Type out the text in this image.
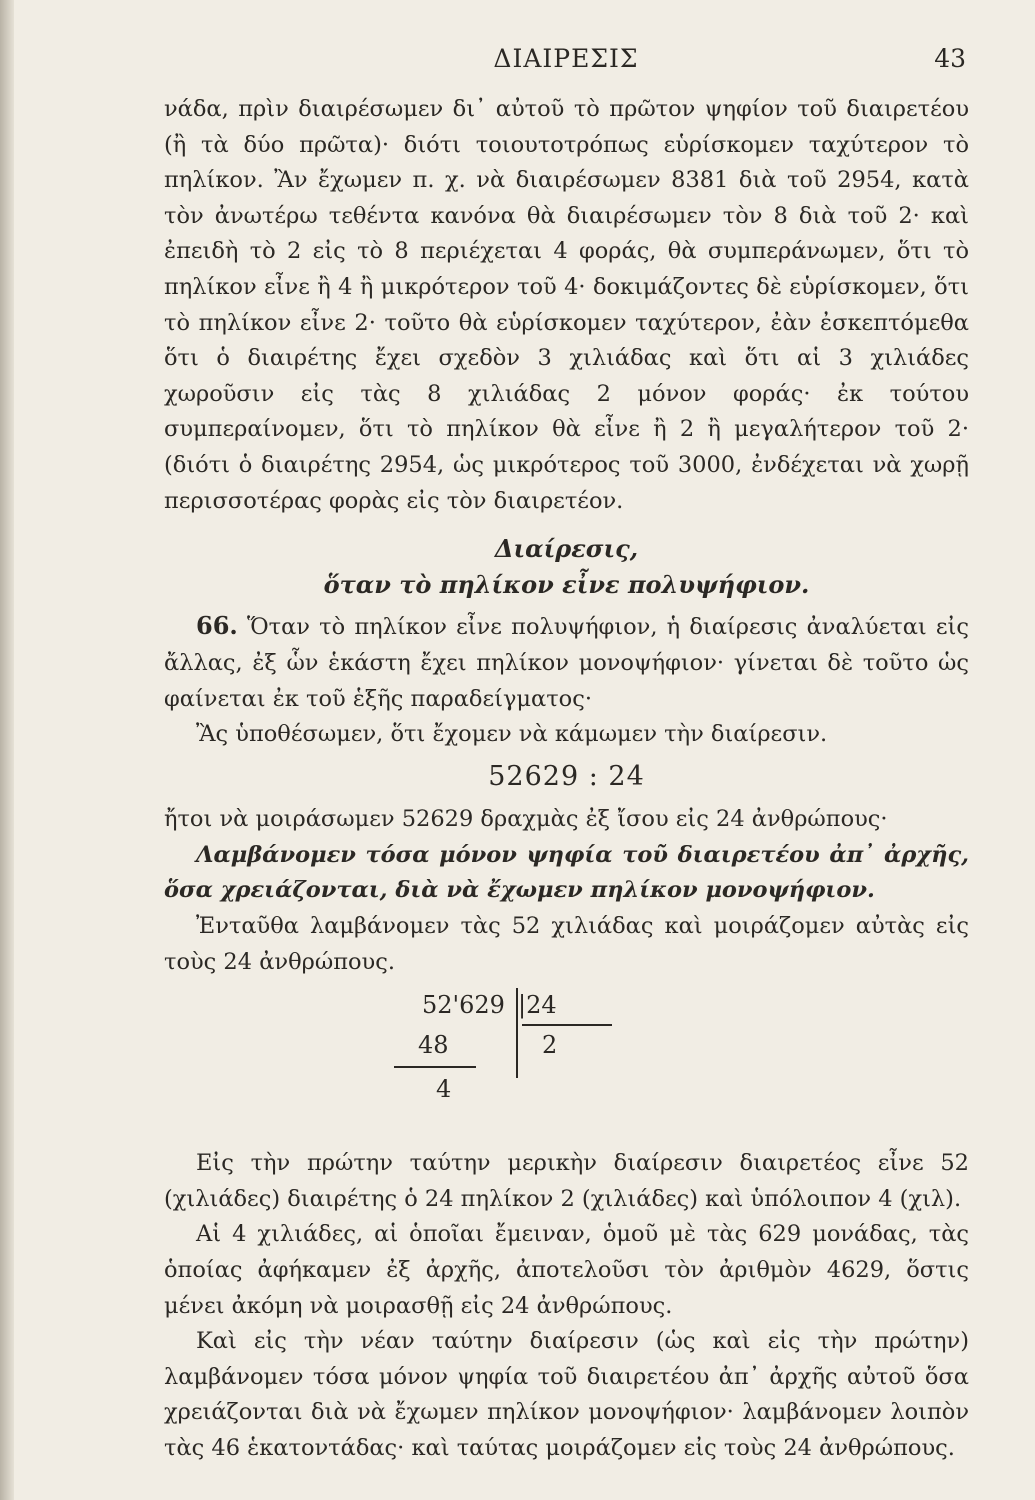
ΔΙΑΙΡΕΣΙΣ	43

νάδα, πρὶν διαιρέσωμεν δι᾽ αὐτοῦ τὸ πρῶτον ψηφίον τοῦ διαιρετέου (ἢ τὰ δύο πρῶτα)· διότι τοιουτοτρόπως εὑρίσκομεν ταχύτερον τὸ πηλίκον. Ἂν ἔχωμεν π. χ. νὰ διαιρέσωμεν 8381 διὰ τοῦ 2954, κατὰ τὸν ἀνωτέρω τεθέντα κανόνα θὰ διαιρέσωμεν τὸν 8 διὰ τοῦ 2· καὶ ἐπειδὴ τὸ 2 εἰς τὸ 8 περιέχεται 4 φοράς, θὰ συμπεράνωμεν, ὅτι τὸ πηλίκον εἶνε ἢ 4 ἢ μικρότερον τοῦ 4· δοκιμάζοντες δὲ εὑρίσκομεν, ὅτι τὸ πηλίκον εἶνε 2· τοῦτο θὰ εὑρίσκομεν ταχύτερον, ἐὰν ἐσκεπτόμεθα ὅτι ὁ διαιρέτης ἔχει σχεδὸν 3 χιλιάδας καὶ ὅτι αἱ 3 χιλιάδες χωροῦσιν εἰς τὰς 8 χιλιάδας 2 μόνον φοράς· ἐκ τούτου συμπεραίνομεν, ὅτι τὸ πηλίκον θὰ εἶνε ἢ 2 ἢ μεγαλήτερον τοῦ 2· (διότι ὁ διαιρέτης 2954, ὡς μικρότερος τοῦ 3000, ἐνδέχεται νὰ χωρῇ περισσοτέρας φορὰς εἰς τὸν διαιρετέον.

Διαίρεσις,

ὅταν τὸ πηλίκον εἶνε πολυψήφιον.

66. Ὅταν τὸ πηλίκον εἶνε πολυψήφιον, ἡ διαίρεσις ἀναλύεται εἰς ἄλλας, ἐξ ὧν ἑκάστη ἔχει πηλίκον μονοψήφιον· γίνεται δὲ τοῦτο ὡς φαίνεται ἐκ τοῦ ἑξῆς παραδείγματος·

Ἂς ὑποθέσωμεν, ὅτι ἔχομεν νὰ κάμωμεν τὴν διαίρεσιν.

52629 : 24

ἤτοι νὰ μοιράσωμεν 52629 δραχμὰς ἐξ ἴσου εἰς 24 ἀνθρώπους·

Λαμβάνομεν τόσα μόνον ψηφία τοῦ διαιρετέου ἀπ᾽ ἀρχῆς, ὅσα χρειάζονται, διὰ νὰ ἔχωμεν πηλίκον μονοψήφιον.

Ἐνταῦθα λαμβάνομεν τὰς 52 χιλιάδας καὶ μοιράζομεν αὐτὰς εἰς τοὺς 24 ἀνθρώπους.

52'629 |24
2
48
4

Εἰς τὴν πρώτην ταύτην μερικὴν διαίρεσιν διαιρετέος εἶνε 52 (χιλιάδες) διαιρέτης ὁ 24 πηλίκον 2 (χιλιάδες) καὶ ὑπόλοιπον 4 (χιλ).

Αἱ 4 χιλιάδες, αἱ ὁποῖαι ἔμειναν, ὁμοῦ μὲ τὰς 629 μονάδας, τὰς ὁποίας ἀφήκαμεν ἐξ ἀρχῆς, ἀποτελοῦσι τὸν ἀριθμὸν 4629, ὅστις μένει ἀκόμη νὰ μοιρασθῇ εἰς 24 ἀνθρώπους.

Καὶ εἰς τὴν νέαν ταύτην διαίρεσιν (ὡς καὶ εἰς τὴν πρώτην) λαμβάνομεν τόσα μόνον ψηφία τοῦ διαιρετέου ἀπ᾽ ἀρχῆς αὐτοῦ ὅσα χρειάζονται διὰ νὰ ἔχωμεν πηλίκον μονοψήφιον· λαμβάνομεν λοιπὸν τὰς 46 ἑκατοντάδας· καὶ ταύτας μοιράζομεν εἰς τοὺς 24 ἀνθρώπους.
